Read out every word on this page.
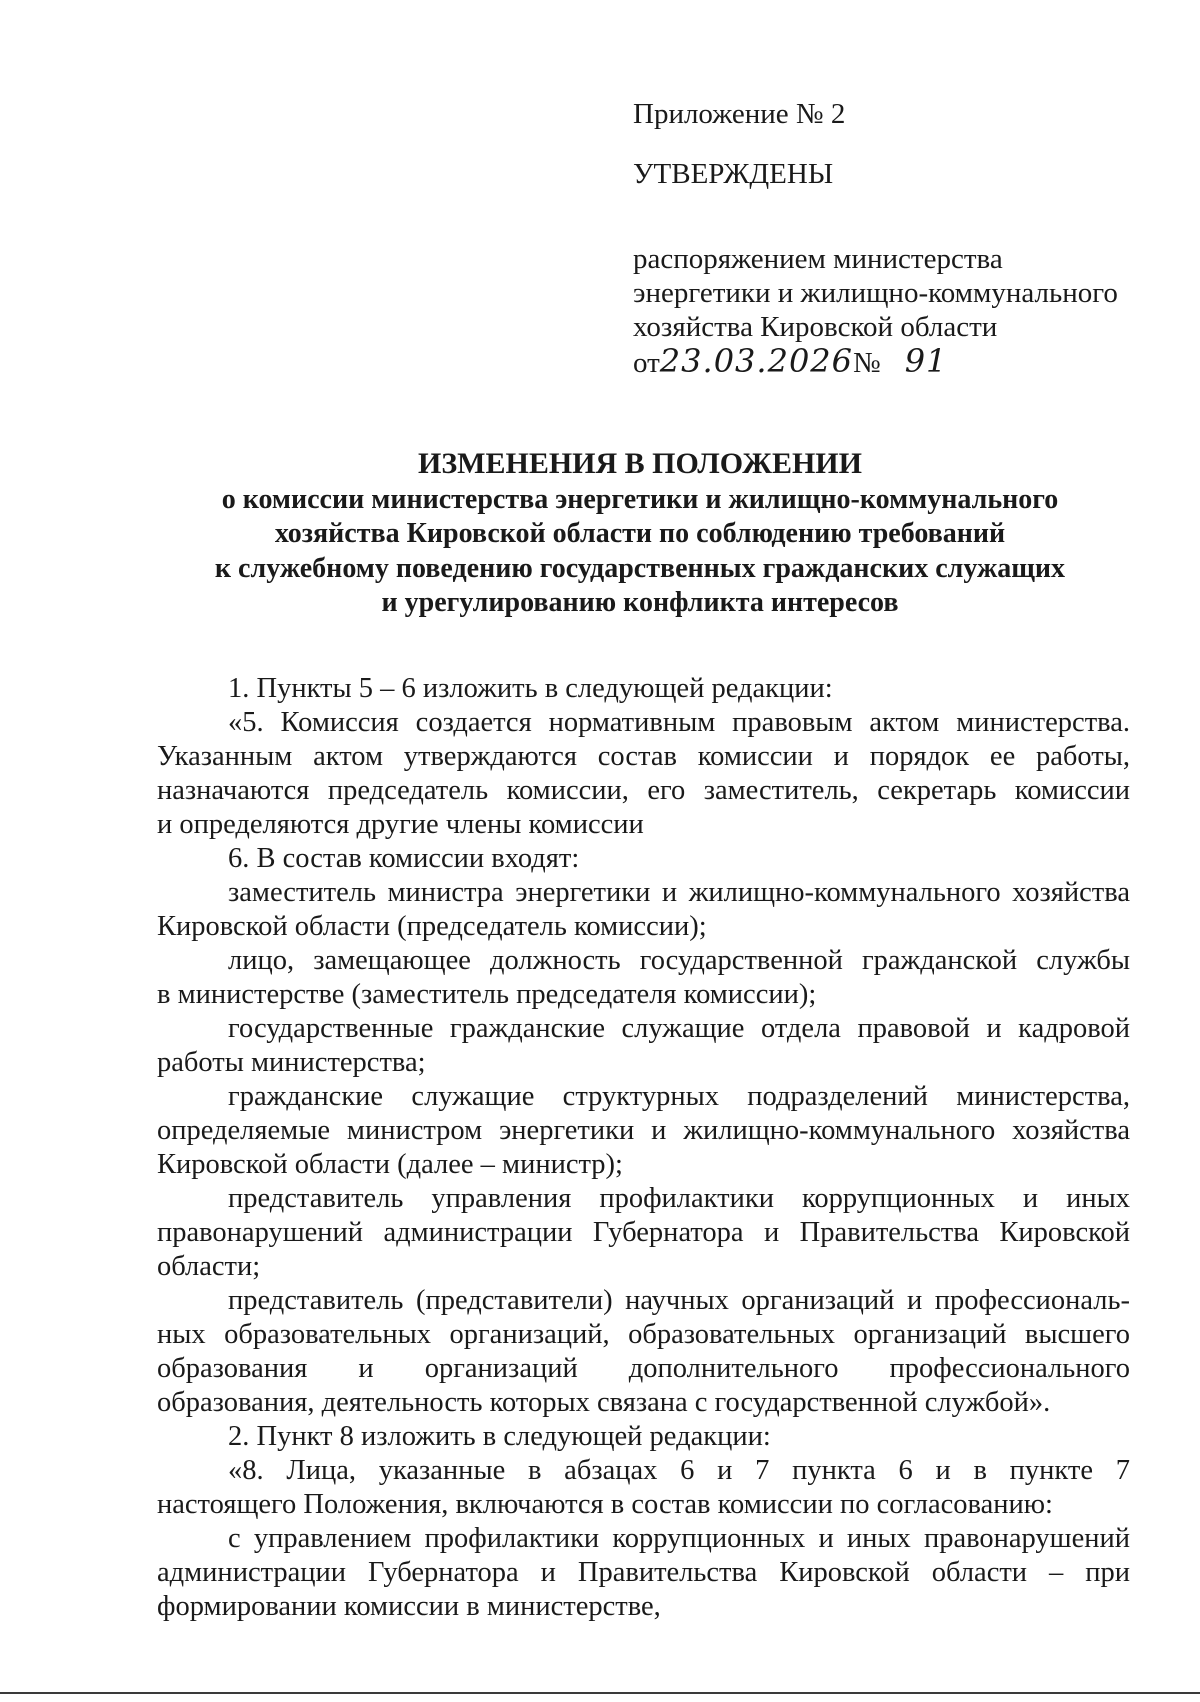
Приложение № 2
УТВЕРЖДЕНЫ
распоряжением министерства
энергетики и жилищно-коммунального
хозяйства Кировской области
от23.03.2026№ 91
ИЗМЕНЕНИЯ В ПОЛОЖЕНИИ
о комиссии министерства энергетики и жилищно-коммунального
хозяйства Кировской области по соблюдению требований
к служебному поведению государственных гражданских служащих
и урегулированию конфликта интересов
1. Пункты 5 – 6 изложить в следующей редакции:
«5. Комиссия создается нормативным правовым актом министерства.
Указанным актом утверждаются состав комиссии и порядок ее работы,
назначаются председатель комиссии, его заместитель, секретарь комиссии
и определяются другие члены комиссии
6. В состав комиссии входят:
заместитель министра энергетики и жилищно-коммунального хозяйства
Кировской области (председатель комиссии);
лицо, замещающее должность государственной гражданской службы
в министерстве (заместитель председателя комиссии);
государственные гражданские служащие отдела правовой и кадровой
работы министерства;
гражданские служащие структурных подразделений министерства,
определяемые министром энергетики и жилищно-коммунального хозяйства
Кировской области (далее – министр);
представитель управления профилактики коррупционных и иных
правонарушений администрации Губернатора и Правительства Кировской
области;
представитель (представители) научных организаций и профессиональ-
ных образовательных организаций, образовательных организаций высшего
образования и организаций дополнительного профессионального
образования, деятельность которых связана с государственной службой».
2. Пункт 8 изложить в следующей редакции:
«8. Лица, указанные в абзацах 6 и 7 пункта 6 и в пункте 7
настоящего Положения, включаются в состав комиссии по согласованию:
с управлением профилактики коррупционных и иных правонарушений
администрации Губернатора и Правительства Кировской области – при
формировании комиссии в министерстве,
